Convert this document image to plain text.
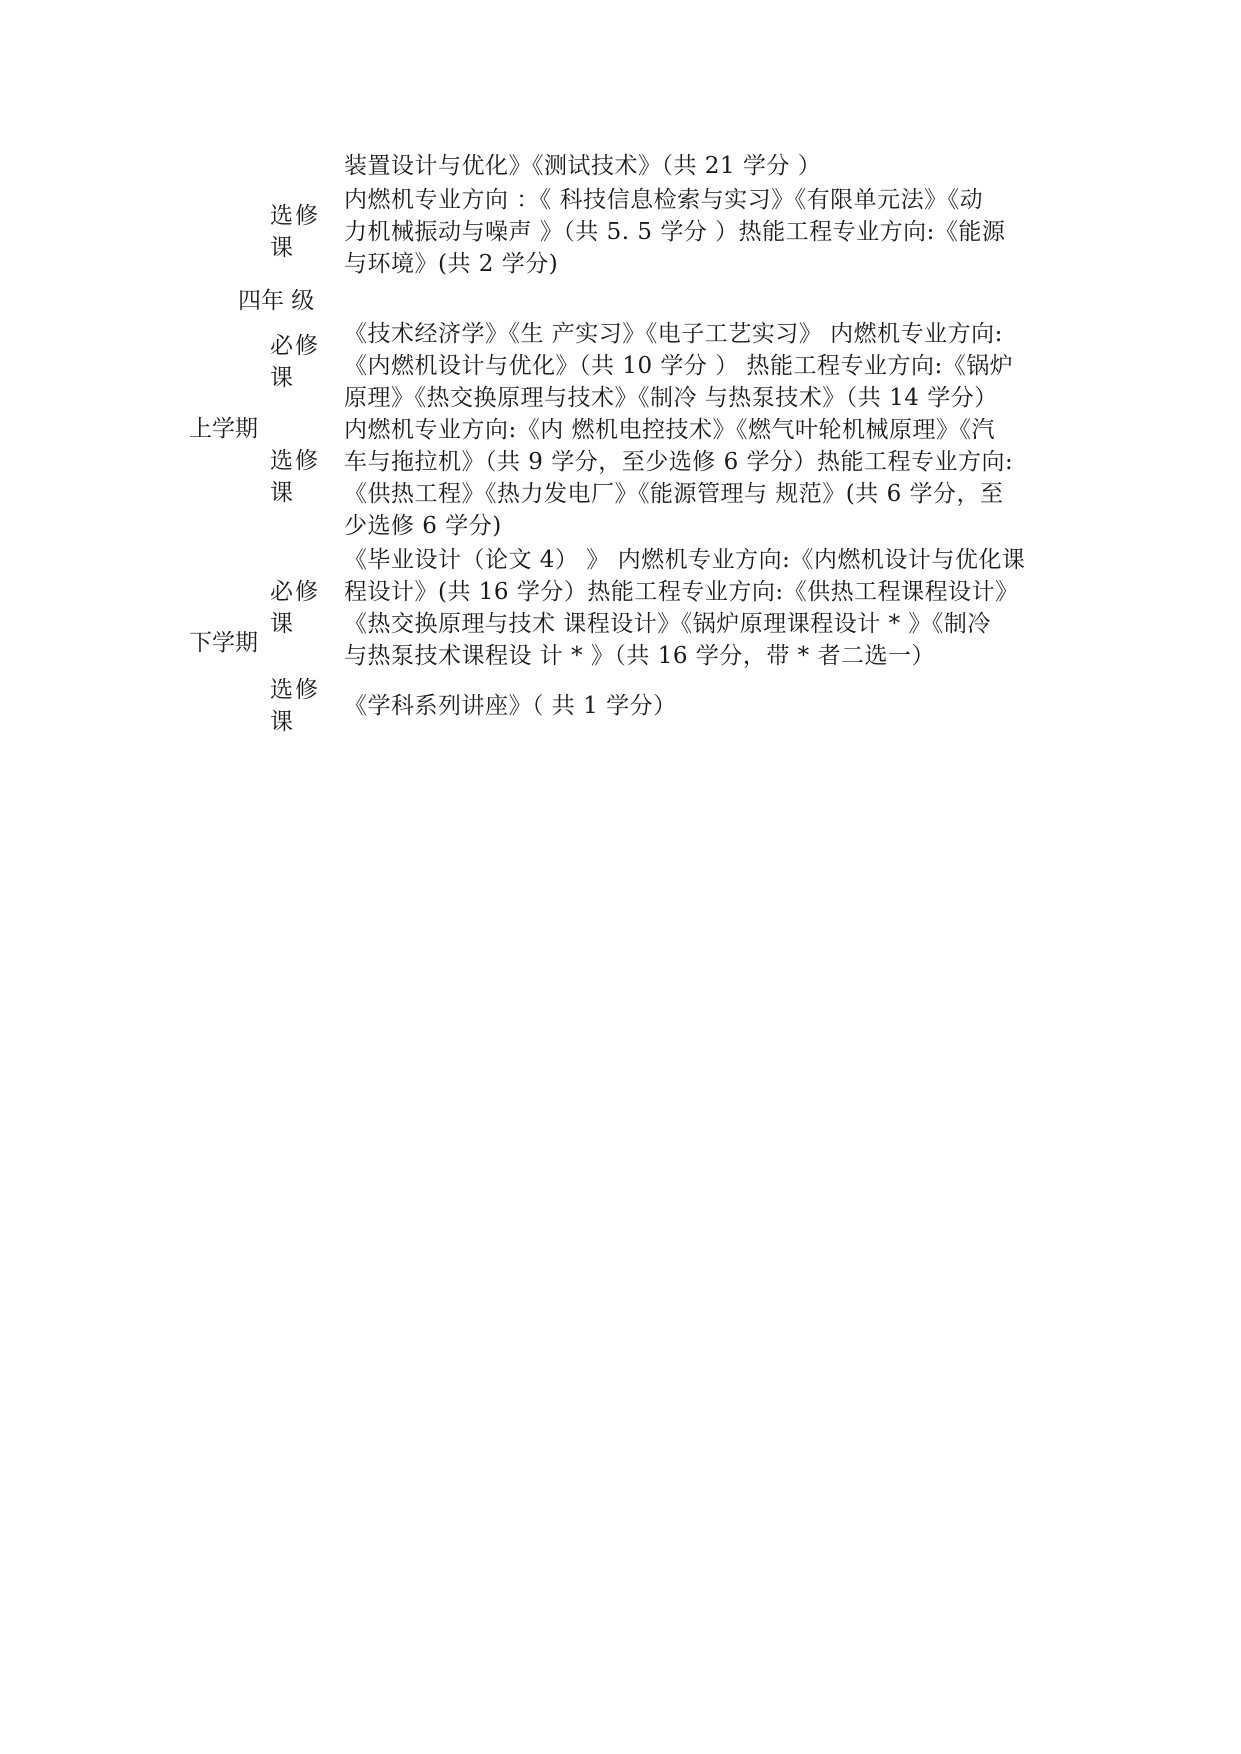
装置设计与优化》《测试技术》（共 21 学分 ）
选修
课
内燃机专业方向 ：《 科技信息检索与实习》《有限单元法》《动
力机械振动与噪声 》（共 5. 5 学分 ）热能工程专业方向:《能源
与环境》(共 2 学分)
四年 级
上学期
必修
课
《技术经济学》《生 产实习》《电子工艺实习》 内燃机专业方向:
《内燃机设计与优化》（共 10 学分 ） 热能工程专业方向:《锅炉
原理》《热交换原理与技术》《制冷 与热泵技术》（共 14 学分）
选修
课
内燃机专业方向:《内 燃机电控技术》《燃气叶轮机械原理》《汽
车与拖拉机》（共 9 学分，至少选修 6 学分）热能工程专业方向:
《供热工程》《热力发电厂》《能源管理与 规范》(共 6 学分，至
少选修 6 学分)
下学期
必修
课
《毕业设计（论文 4） 》 内燃机专业方向:《内燃机设计与优化课
程设计》(共 16 学分）热能工程专业方向:《供热工程课程设计》
《热交换原理与技术 课程设计》《锅炉原理课程设计 * 》《制冷
与热泵技术课程设 计 * 》（共 16 学分，带 * 者二选一）
选修
课
《学科系列讲座》（ 共 1 学分）
